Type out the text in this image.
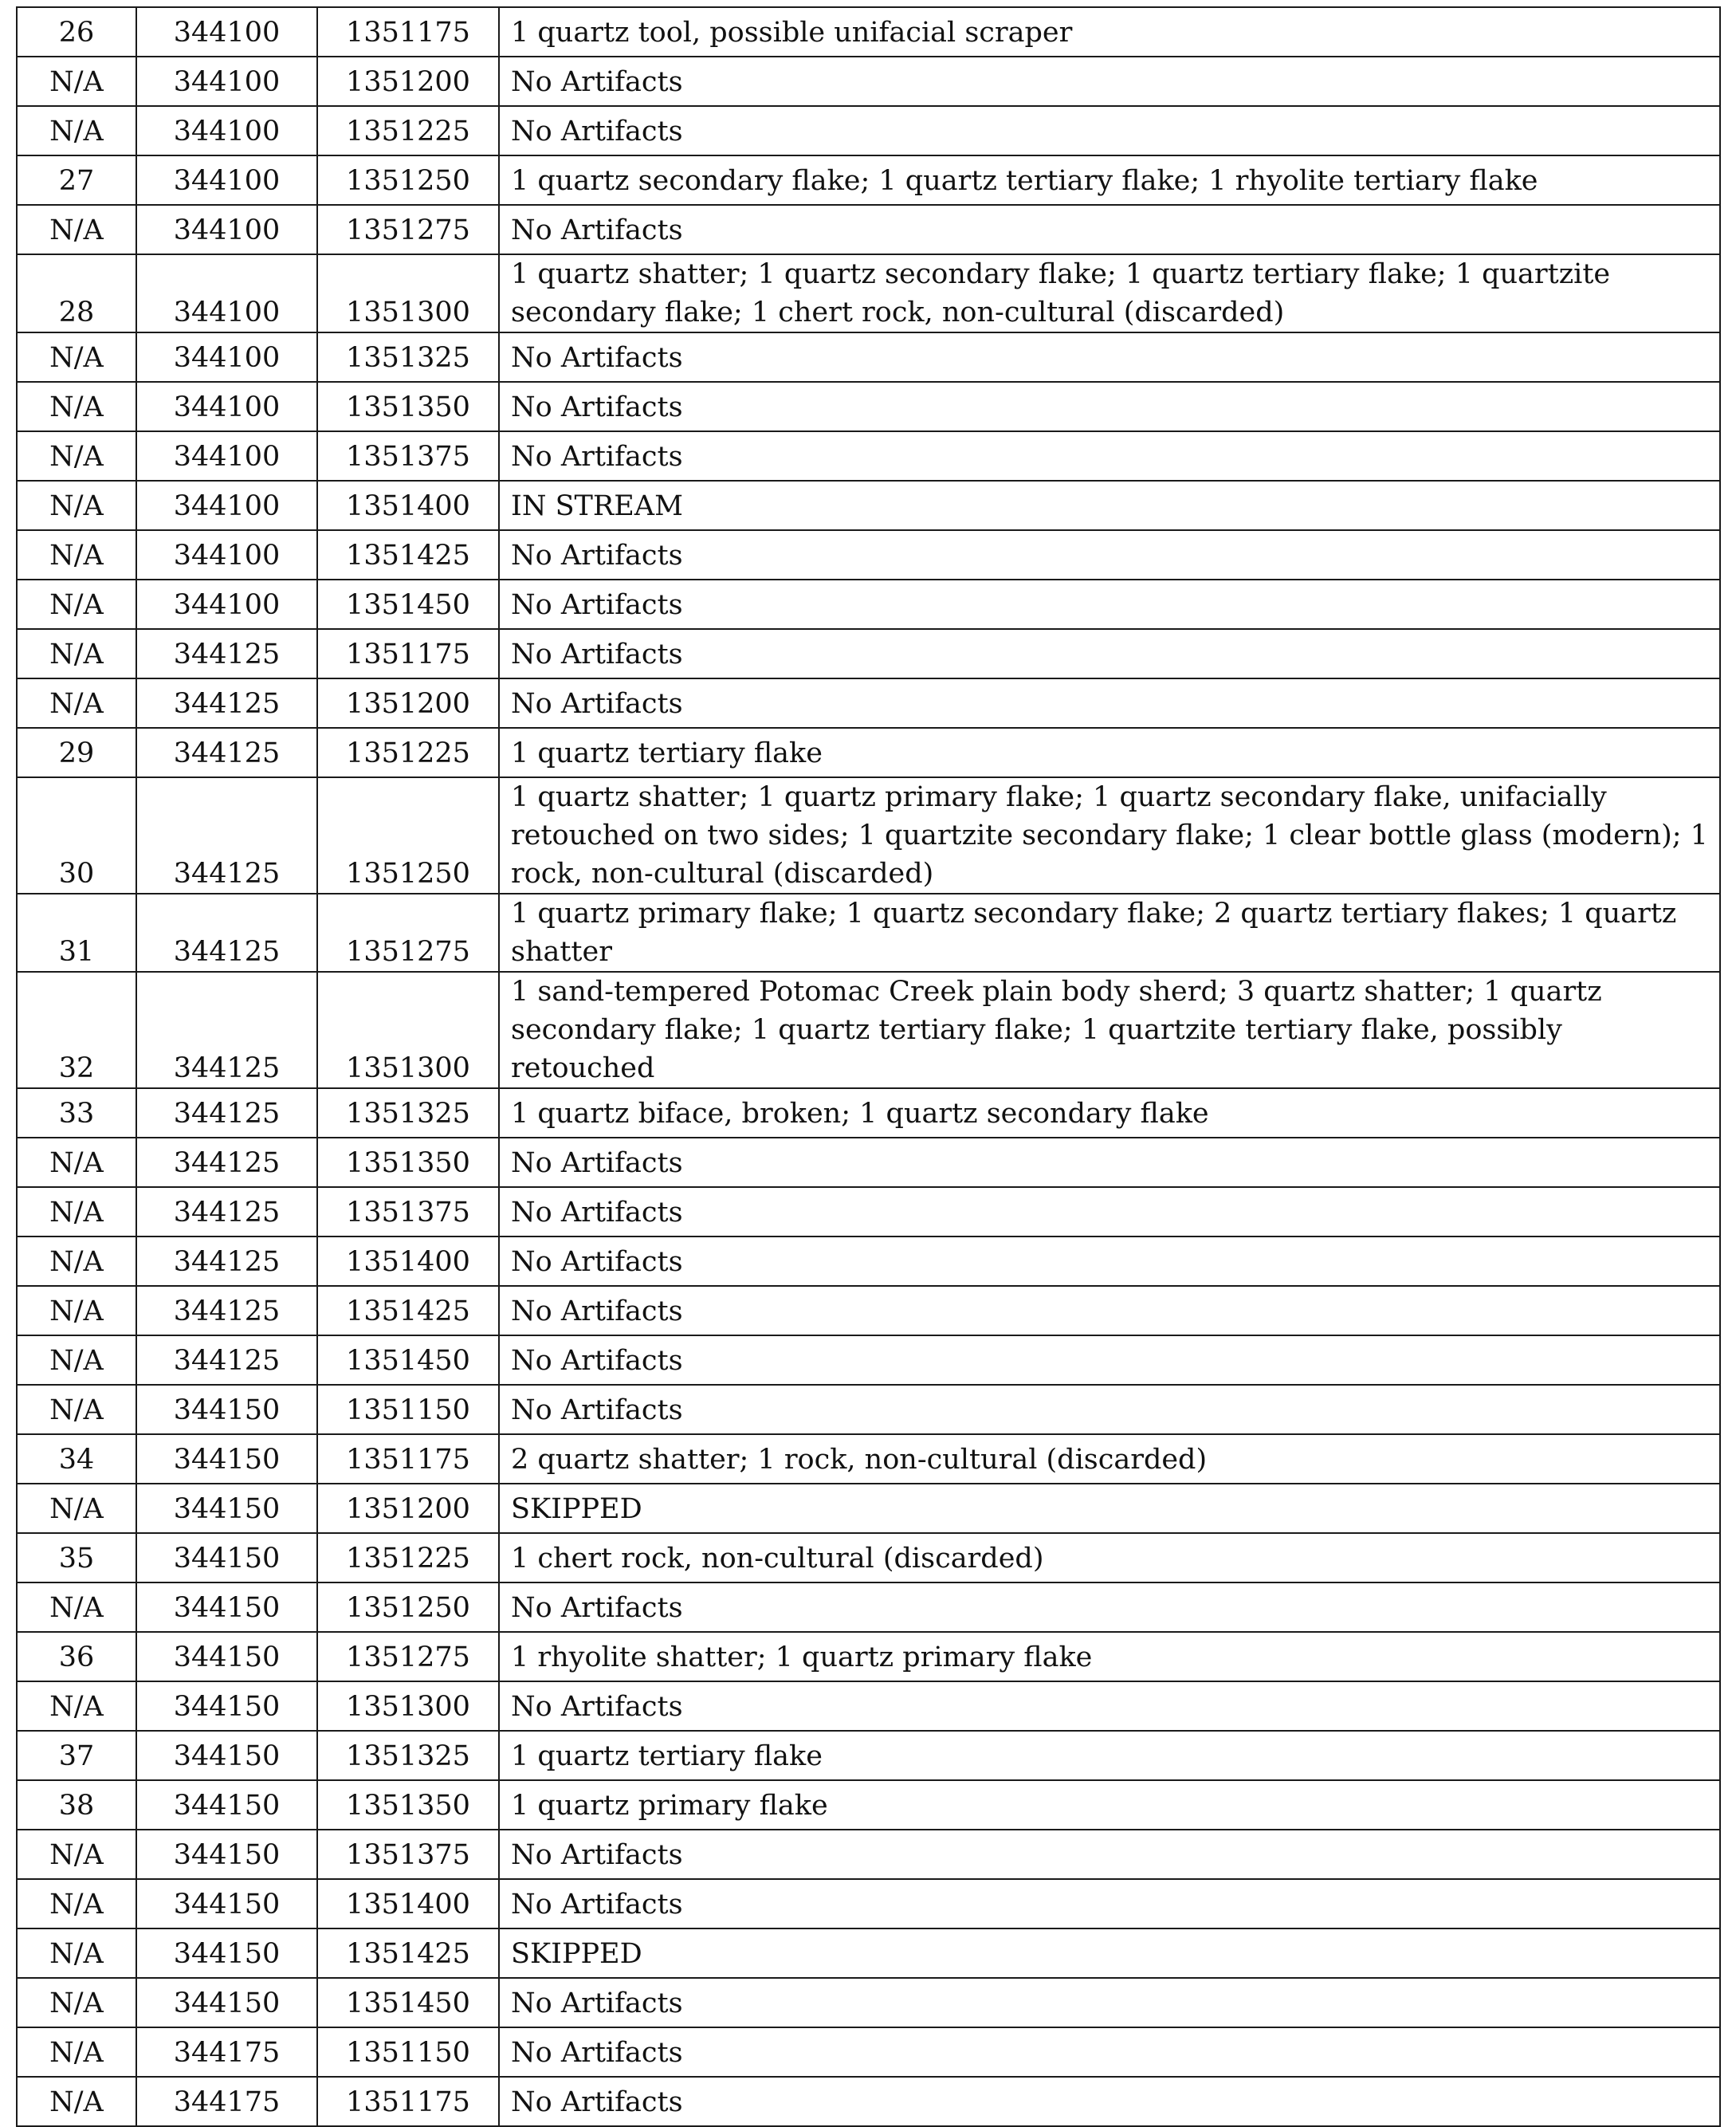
26	344100	1351175	1 quartz tool, possible unifacial scraper
N/A	344100	1351200	No Artifacts
N/A	344100	1351225	No Artifacts
27	344100	1351250	1 quartz secondary flake; 1 quartz tertiary flake; 1 rhyolite tertiary flake
N/A	344100	1351275	No Artifacts
28	344100	1351300	1 quartz shatter; 1 quartz secondary flake; 1 quartz tertiary flake; 1 quartzite secondary flake; 1 chert rock, non-cultural (discarded)
N/A	344100	1351325	No Artifacts
N/A	344100	1351350	No Artifacts
N/A	344100	1351375	No Artifacts
N/A	344100	1351400	IN STREAM
N/A	344100	1351425	No Artifacts
N/A	344100	1351450	No Artifacts
N/A	344125	1351175	No Artifacts
N/A	344125	1351200	No Artifacts
29	344125	1351225	1 quartz tertiary flake
30	344125	1351250	1 quartz shatter; 1 quartz primary flake; 1 quartz secondary flake, unifacially retouched on two sides; 1 quartzite secondary flake; 1 clear bottle glass (modern); 1 rock, non-cultural (discarded)
31	344125	1351275	1 quartz primary flake; 1 quartz secondary flake; 2 quartz tertiary flakes; 1 quartz shatter
32	344125	1351300	1 sand-tempered Potomac Creek plain body sherd; 3 quartz shatter; 1 quartz secondary flake; 1 quartz tertiary flake; 1 quartzite tertiary flake, possibly retouched
33	344125	1351325	1 quartz biface, broken; 1 quartz secondary flake
N/A	344125	1351350	No Artifacts
N/A	344125	1351375	No Artifacts
N/A	344125	1351400	No Artifacts
N/A	344125	1351425	No Artifacts
N/A	344125	1351450	No Artifacts
N/A	344150	1351150	No Artifacts
34	344150	1351175	2 quartz shatter; 1 rock, non-cultural (discarded)
N/A	344150	1351200	SKIPPED
35	344150	1351225	1 chert rock, non-cultural (discarded)
N/A	344150	1351250	No Artifacts
36	344150	1351275	1 rhyolite shatter; 1 quartz primary flake
N/A	344150	1351300	No Artifacts
37	344150	1351325	1 quartz tertiary flake
38	344150	1351350	1 quartz primary flake
N/A	344150	1351375	No Artifacts
N/A	344150	1351400	No Artifacts
N/A	344150	1351425	SKIPPED
N/A	344150	1351450	No Artifacts
N/A	344175	1351150	No Artifacts
N/A	344175	1351175	No Artifacts
